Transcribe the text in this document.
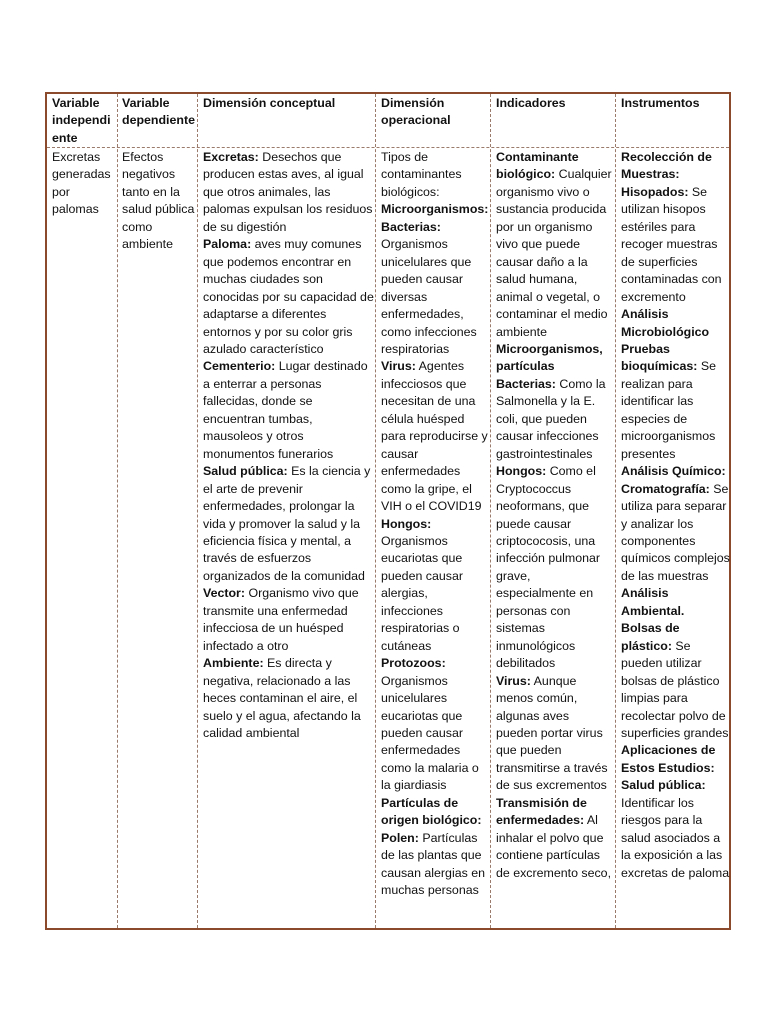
Variable independiente
Variable dependiente
Dimensión conceptual	Dimensión operacional
Indicadores	Instrumentos
Excretas generadas por palomas
Efectos negativos tanto en la salud pública como ambiente

Excretas: Desechos que producen estas aves, al igual que otros animales, las palomas expulsan los residuos de su digestión

Paloma: aves muy comunes que podemos encontrar en muchas ciudades son conocidas por su capacidad de adaptarse a diferentes entornos y por su color gris azulado característico

Cementerio: Lugar destinado a enterrar a personas fallecidas, donde se encuentran tumbas, mausoleos y otros monumentos funerarios

Salud pública: Es la ciencia y el arte de prevenir enfermedades, prolongar la vida y promover la salud y la eficiencia física y mental, a través de esfuerzos organizados de la comunidad

Vector: Organismo vivo que transmite una enfermedad infecciosa de un huésped infectado a otro

Ambiente: Es directa y negativa, relacionado a las heces contaminan el aire, el suelo y el agua, afectando la calidad ambiental

Tipos de contaminantes biológicos:

Microorganismos:

Bacterias: Organismos unicelulares que pueden causar diversas enfermedades, como infecciones respiratorias

Virus: Agentes infecciosos que necesitan de una célula huésped para reproducirse y causar enfermedades como la gripe, el VIH o el COVID19

Hongos: Organismos eucariotas que pueden causar alergias, infecciones respiratorias o cutáneas

Protozoos: Organismos unicelulares eucariotas que pueden causar enfermedades como la malaria o la giardiasis

Partículas de origen biológico:

Polen: Partículas de las plantas que causan alergias en muchas personas

Contaminante biológico: Cualquier organismo vivo o sustancia producida por un organismo vivo que puede causar daño a la salud humana, animal o vegetal, o contaminar el medio ambiente

Microorganismos, partículas

Bacterias: Como la Salmonella y la E. coli, que pueden causar infecciones gastrointestinales

Hongos: Como el Cryptococcus neoformans, que puede causar criptococosis, una infección pulmonar grave, especialmente en personas con sistemas inmunológicos debilitados

Virus: Aunque menos común, algunas aves pueden portar virus que pueden transmitirse a través de sus excrementos

Transmisión de enfermedades: Al inhalar el polvo que contiene partículas de excremento seco,

Recolección de Muestras:

Hisopados: Se utilizan hisopos estériles para recoger muestras de superficies contaminadas con excremento

Análisis Microbiológico

Pruebas bioquímicas: Se realizan para identificar las especies de microorganismos presentes

Análisis Químico:

Cromatografía: Se utiliza para separar y analizar los componentes químicos complejos de las muestras

Análisis Ambiental.

Bolsas de plástico: Se pueden utilizar bolsas de plástico limpias para recolectar polvo de superficies grandes

Aplicaciones de Estos Estudios:

Salud pública: Identificar los riesgos para la salud asociados a la exposición a las excretas de paloma
